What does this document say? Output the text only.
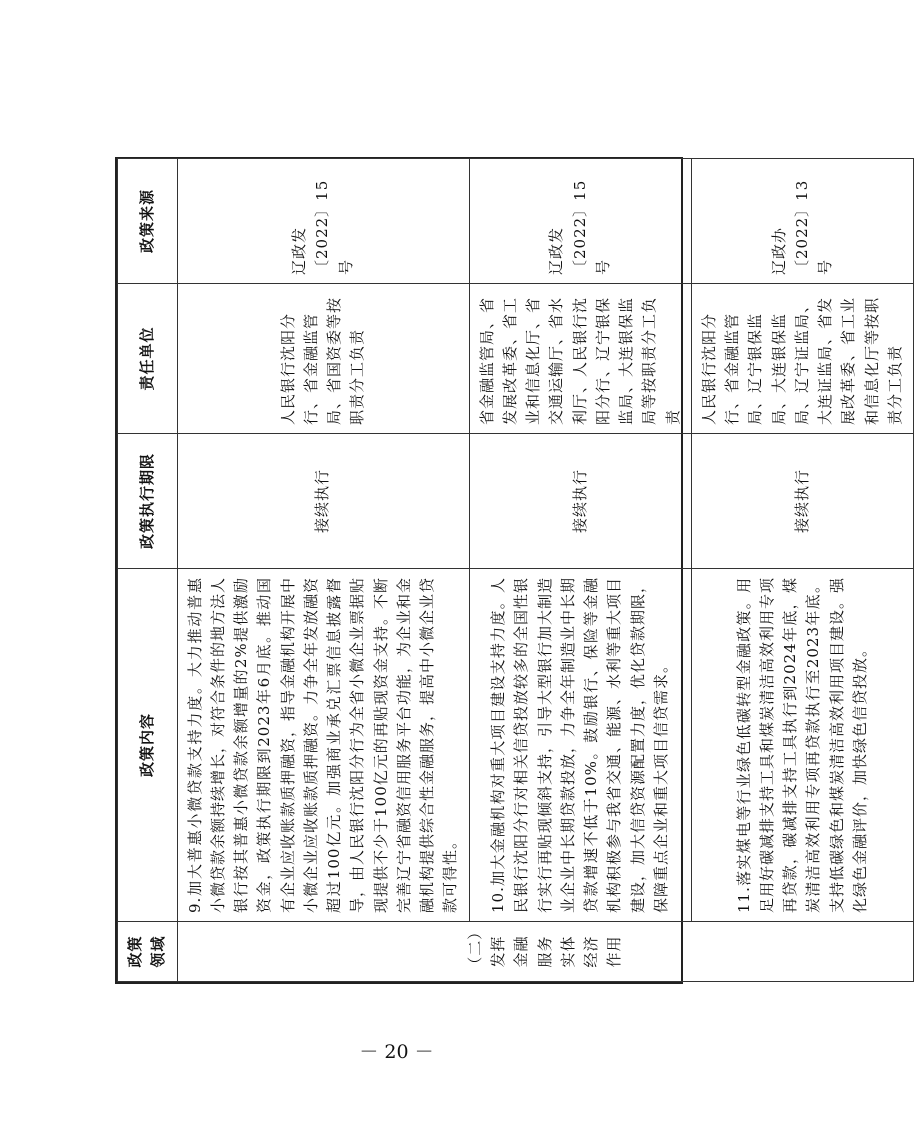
政策领域	政策内容	政策执行期限	责任单位	政策来源
（二）发挥金融服务实体经济作用	9.加大普惠小微贷款支持力度。大力推动普惠小微贷款余额持续增长，对符合条件的地方法人银行按其普惠小微贷款余额增量的2%提供激励资金，政策执行期限到2023年6月底。推动国有企业应收账款质押融资，指导金融机构开展中小微企业应收账款质押融资。力争全年发放融资超过100亿元。加强商业承兑汇票信息披露督导，由人民银行沈阳分行为全省小微企业票据贴现提供不少于100亿元的再贴现资金支持。不断完善辽宁省融资信用服务平台功能，为企业和金融机构提供综合性金融服务，提高中小微企业贷款可得性。	接续执行	人民银行沈阳分行、省金融监管局、省国资委等按职责分工负责	辽政发〔2022〕15号
	10.加大金融机构对重大项目建设支持力度。人民银行沈阳分行对相关信贷投放较多的全国性银行实行再贴现倾斜支持，引导大型银行加大制造业企业中长期贷款投放，力争全年制造业中长期贷款增速不低于10%。鼓励银行、保险等金融机构积极参与我省交通、能源、水利等重大项目建设，加大信贷资源配置力度，优化贷款期限，保障重点企业和重大项目信贷需求。	接续执行	省金融监管局、省发展改革委、省工业和信息化厅、省交通运输厅、省水利厅、人民银行沈阳分行、辽宁银保监局、大连银保监局等按职责分工负责	辽政发〔2022〕15号
	11.落实煤电等行业绿色低碳转型金融政策。用足用好碳减排支持工具和煤炭清洁高效利用专项再贷款，碳减排支持工具执行到2024年底，煤炭清洁高效利用专项再贷款执行至2023年底。支持低碳绿色和煤炭清洁高效利用项目建设。强化绿色金融评价，加快绿色信贷投放。	接续执行	人民银行沈阳分行、省金融监管局、辽宁银保监局、大连银保监局、辽宁证监局、大连证监局、省发展改革委、省工业和信息化厅等按职责分工负责	辽政办〔2022〕13号
－ 20 －
